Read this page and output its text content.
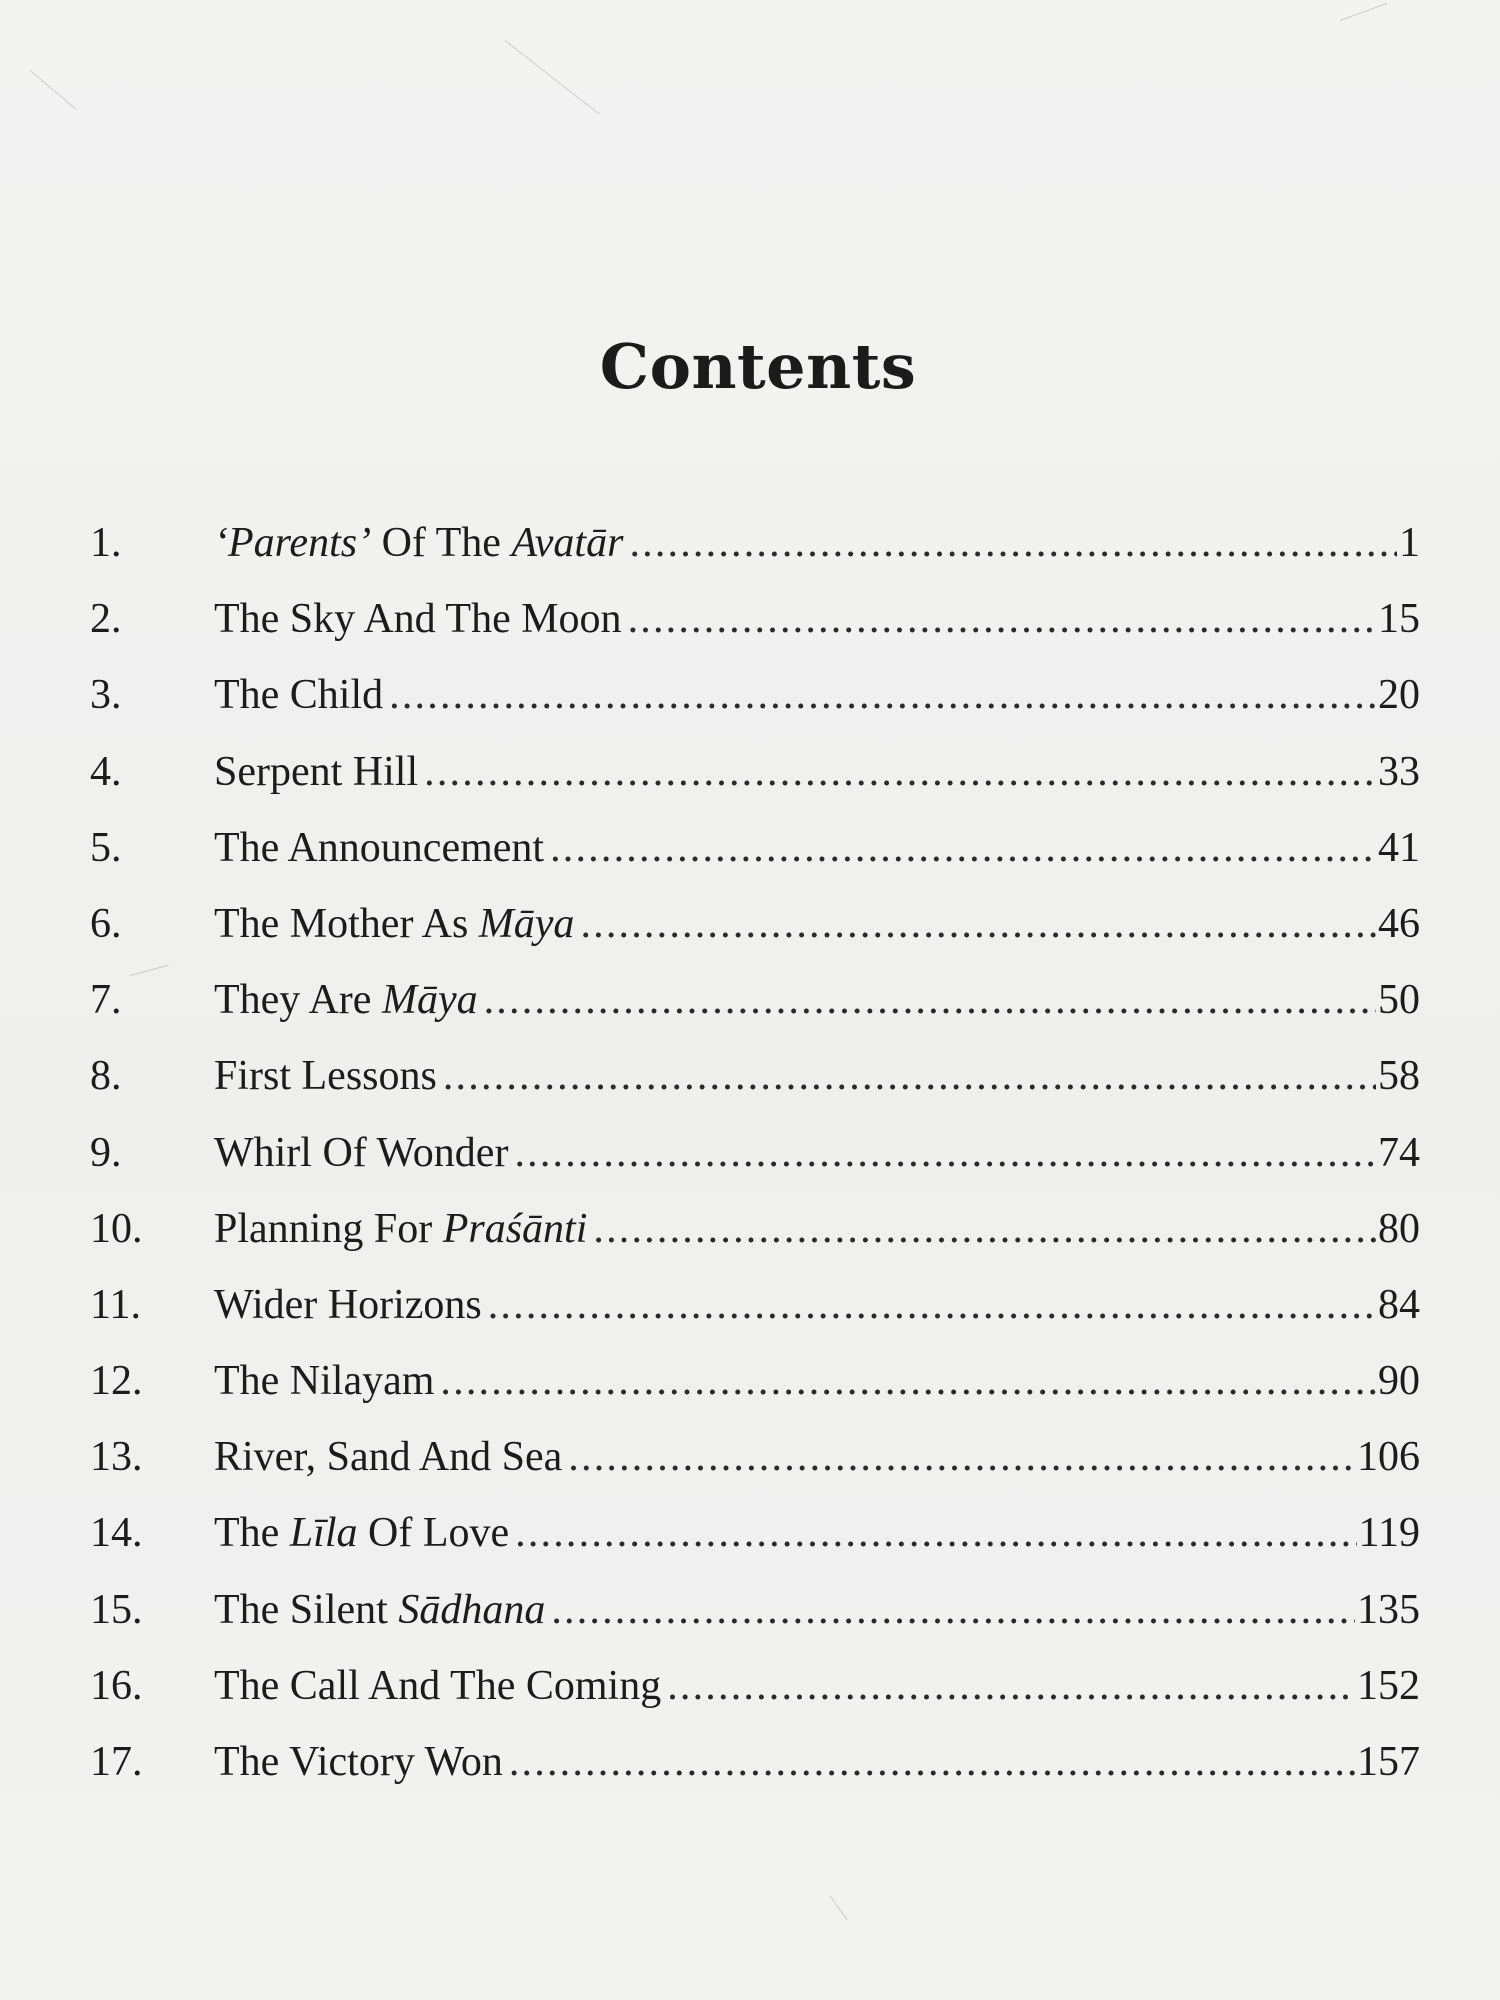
Contents
1.	‘Parents’ Of The Avatār .....	1
2.	The Sky And The Moon .....	15
3.	The Child .....	20
4.	Serpent Hill .....	33
5.	The Announcement .....	41
6.	The Mother As Māya .....	46
7.	They Are Māya .....	50
8.	First Lessons .....	58
9.	Whirl Of Wonder .....	74
10.	Planning For Praśānti .....	80
11.	Wider Horizons .....	84
12.	The Nilayam .....	90
13.	River, Sand And Sea .....	106
14.	The Līla Of Love .....	119
15.	The Silent Sādhana .....	135
16.	The Call And The Coming .....	152
17.	The Victory Won .....	157
